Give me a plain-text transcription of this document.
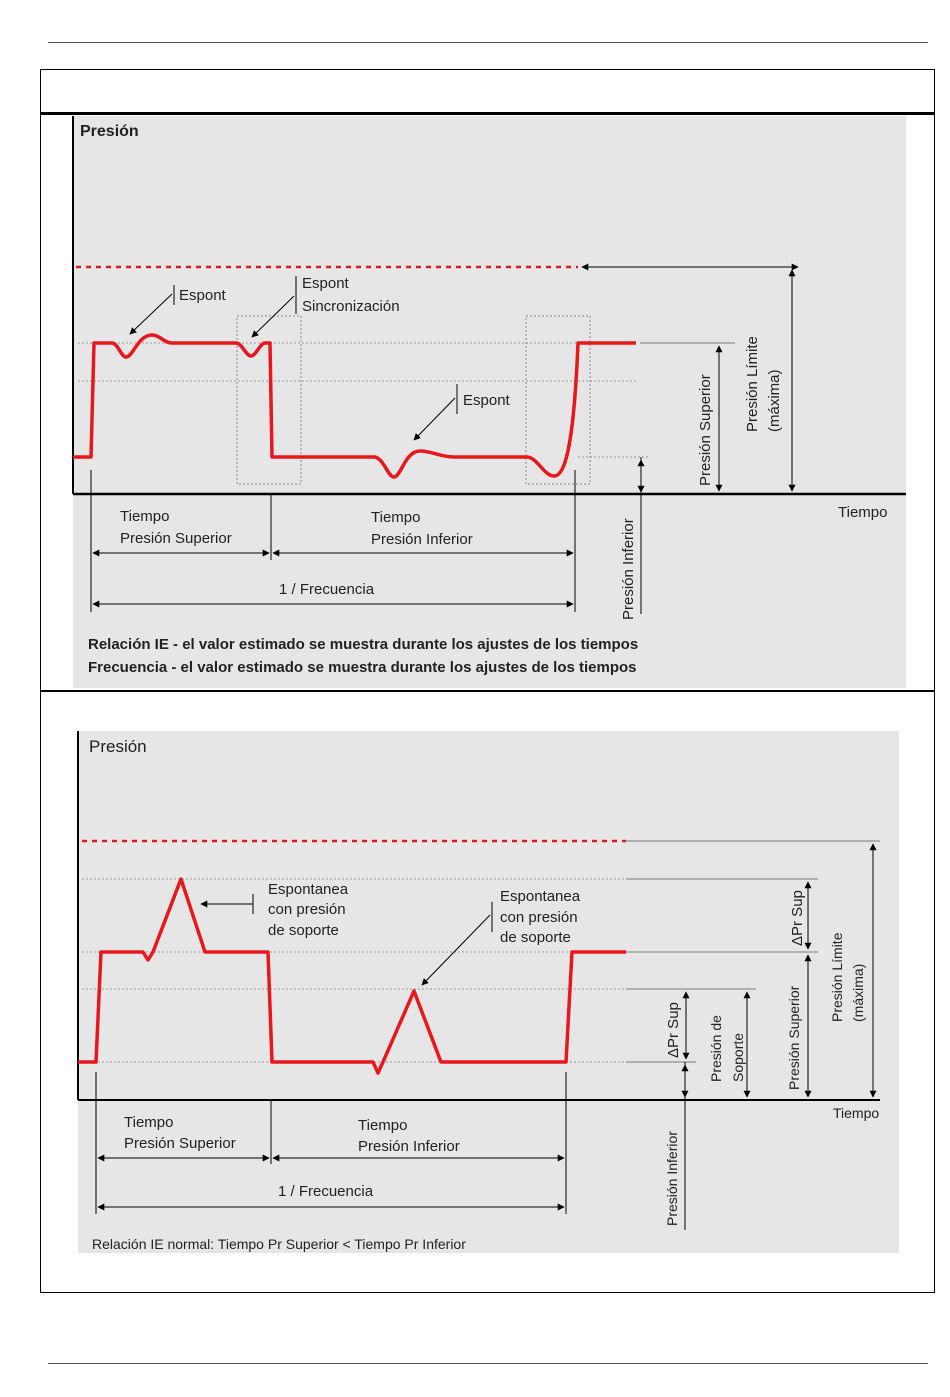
Presión
Tiempo
Espont
Espont
Sincronización
Espont
Tiempo
Presión Superior
Tiempo
Presión Inferior
1 / Frecuencia	Presión Inferior
Presión Superior Presión Límite (máxima)
Relación IE - el valor estimado se muestra durante los ajustes de los tiempos
Frecuencia - el valor estimado se muestra durante los ajustes de los tiempos
Presión
Tiempo
Espontanea
con presión
de soporte
Espontanea
con presión
de soporte
Tiempo
Presión Superior
Tiempo
Presión Inferior
1 / Frecuencia	Presión Inferior
ΔPr Sup Presión de Soporte
ΔPr Sup
Presión Superior
Presión Límite (máxima)
Relación IE normal: Tiempo Pr Superior < Tiempo Pr Inferior
